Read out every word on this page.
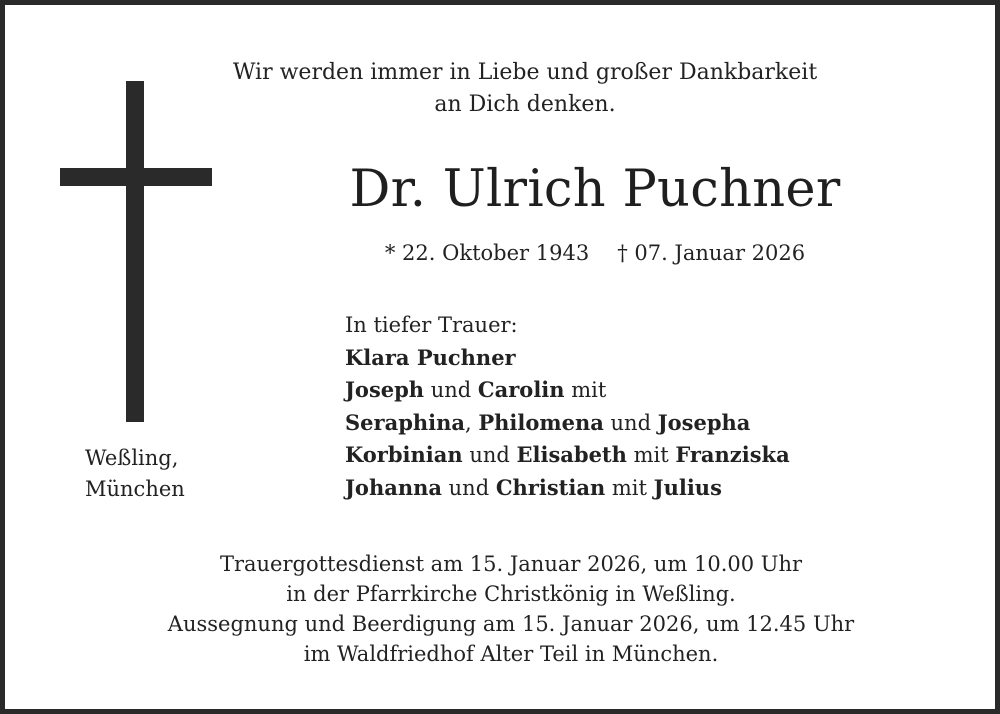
Wir werden immer in Liebe und großer Dankbarkeit
an Dich denken.
Dr. Ulrich Puchner
* 22. Oktober 1943 † 07. Januar 2026
In tiefer Trauer:
Klara Puchner
Joseph und Carolin mit
Seraphina, Philomena und Josepha
Korbinian und Elisabeth mit Franziska
Johanna und Christian mit Julius
Weßling,
München
Trauergottesdienst am 15. Januar 2026, um 10.00 Uhr
in der Pfarrkirche Christkönig in Weßling.
Aussegnung und Beerdigung am 15. Januar 2026, um 12.45 Uhr
im Waldfriedhof Alter Teil in München.
